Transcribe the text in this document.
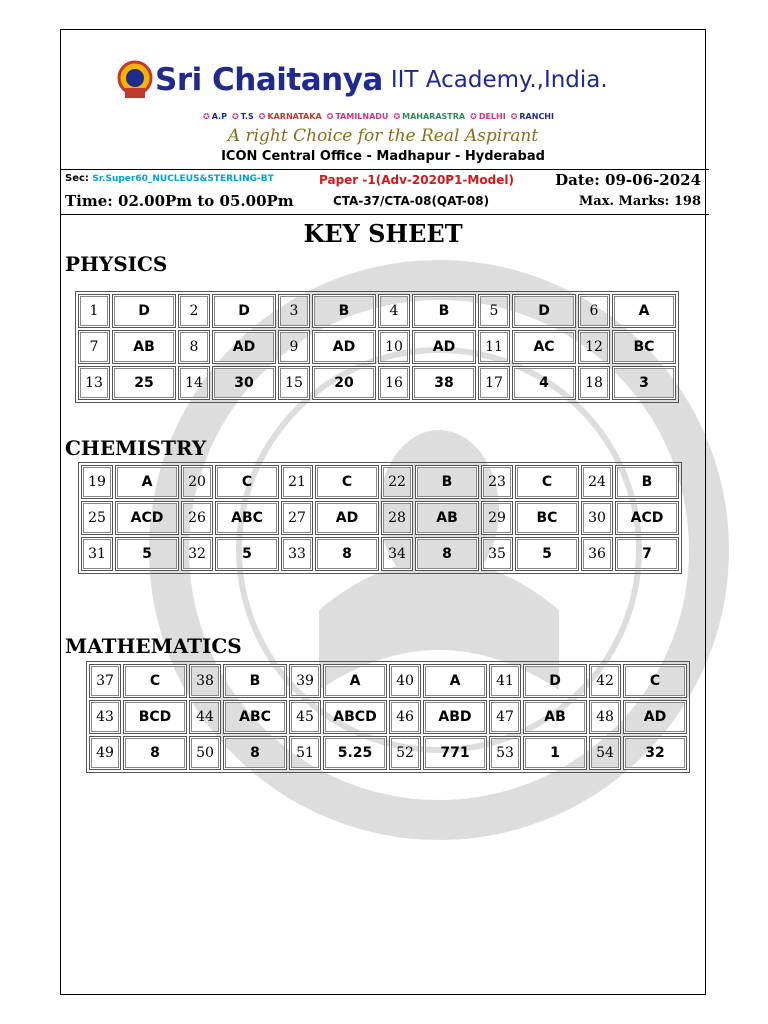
Sri Chaitanya IIT Academy.,India.
✪ A.P ✪ T.S ✪ KARNATAKA ✪ TAMILNADU ✪ MAHARASTRA ✪ DELHI ✪ RANCHI
A right Choice for the Real Aspirant
ICON Central Office - Madhapur - Hyderabad
Sec: Sr.Super60_NUCLEUS&STERLING-BT	Paper -1(Adv-2020P1-Model)	Date: 09-06-2024
Time: 02.00Pm to 05.00Pm	CTA-37/CTA-08(QAT-08)	Max. Marks: 198
KEY SHEET
PHYSICS
1	D	2	D	3	B	4	B	5	D	6	A
7	AB	8	AD	9	AD	10	AD	11	AC	12	BC
13	25	14	30	15	20	16	38	17	4	18	3
CHEMISTRY
19	A	20	C	21	C	22	B	23	C	24	B
25	ACD	26	ABC	27	AD	28	AB	29	BC	30	ACD
31	5	32	5	33	8	34	8	35	5	36	7
MATHEMATICS
37	C	38	B	39	A	40	A	41	D	42	C
43	BCD	44	ABC	45	ABCD	46	ABD	47	AB	48	AD
49	8	50	8	51	5.25	52	771	53	1	54	32
